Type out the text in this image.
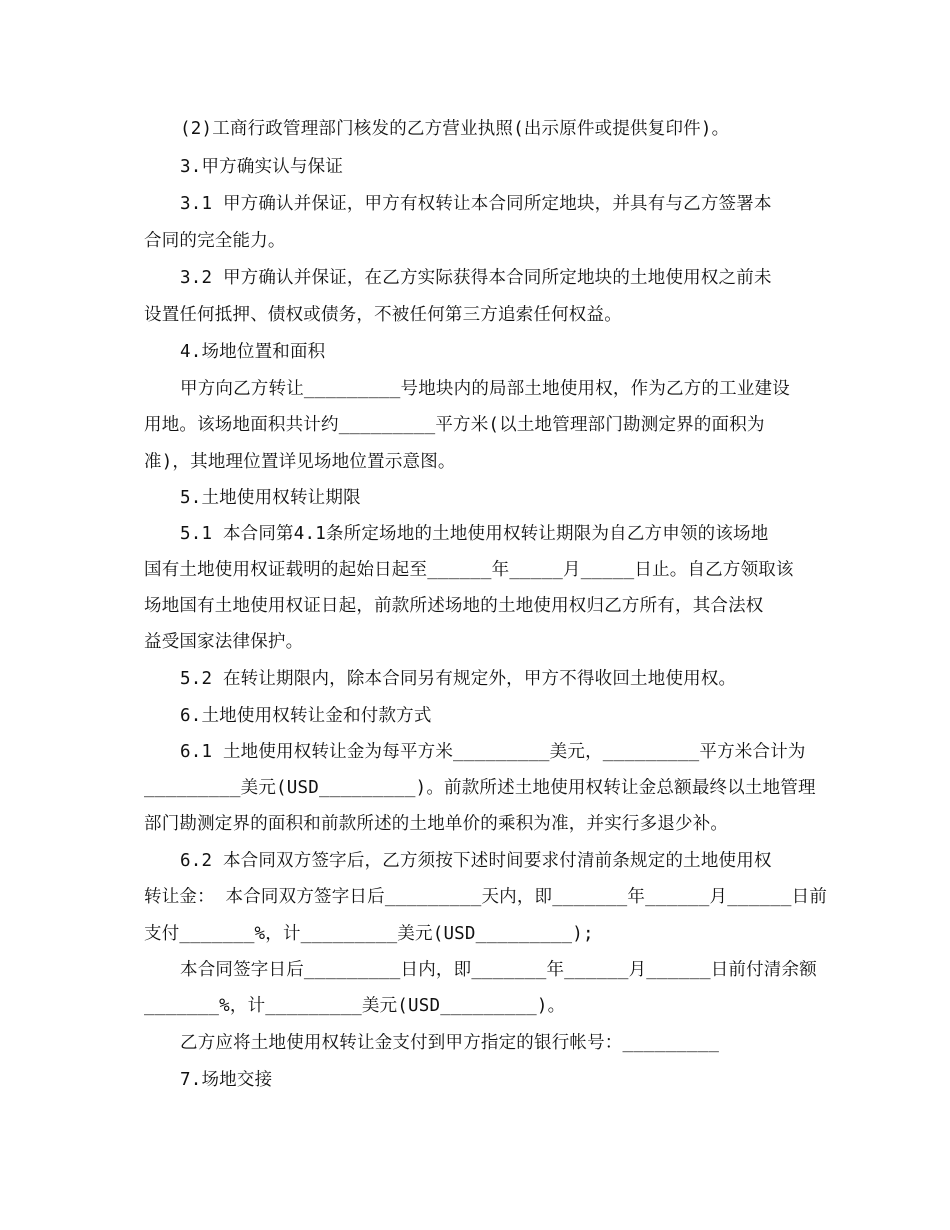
(2)工商行政管理部门核发的乙方营业执照(出示原件或提供复印件)。
3.甲方确实认与保证
3.1 甲方确认并保证，甲方有权转让本合同所定地块，并具有与乙方签署本
合同的完全能力。
3.2 甲方确认并保证，在乙方实际获得本合同所定地块的土地使用权之前未
设置任何抵押、债权或债务，不被任何第三方追索任何权益。
4.场地位置和面积
甲方向乙方转让_________号地块内的局部土地使用权，作为乙方的工业建设
用地。该场地面积共计约_________平方米(以土地管理部门勘测定界的面积为
准)，其地理位置详见场地位置示意图。
5.土地使用权转让期限
5.1 本合同第4.1条所定场地的土地使用权转让期限为自乙方申领的该场地
国有土地使用权证载明的起始日起至______年_____月_____日止。自乙方领取该
场地国有土地使用权证日起，前款所述场地的土地使用权归乙方所有，其合法权
益受国家法律保护。
5.2 在转让期限内，除本合同另有规定外，甲方不得收回土地使用权。
6.土地使用权转让金和付款方式
6.1 土地使用权转让金为每平方米_________美元，_________平方米合计为
_________美元(USD_________)。前款所述土地使用权转让金总额最终以土地管理
部门勘测定界的面积和前款所述的土地单价的乘积为准，并实行多退少补。
6.2 本合同双方签字后，乙方须按下述时间要求付清前条规定的土地使用权
转让金： 本合同双方签字日后_________天内，即_______年______月______日前
支付_______%，计_________美元(USD_________);
本合同签字日后_________日内，即_______年______月______日前付清余额
_______%，计_________美元(USD_________)。
乙方应将土地使用权转让金支付到甲方指定的银行帐号：_________
7.场地交接
